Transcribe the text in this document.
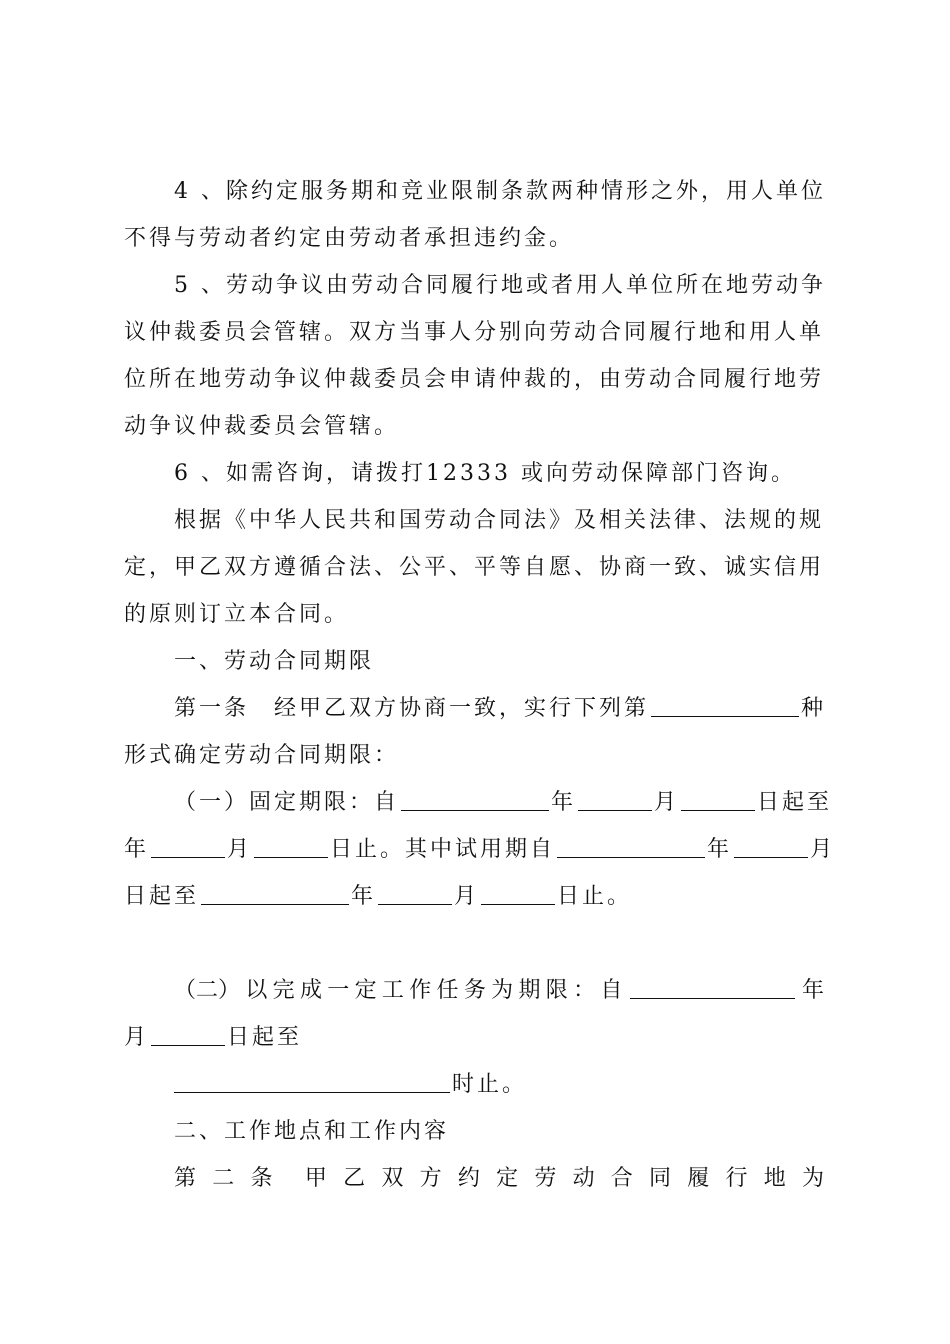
4 、除约定服务期和竞业限制条款两种情形之外，用人单位
不得与劳动者约定由劳动者承担违约金。
5 、劳动争议由劳动合同履行地或者用人单位所在地劳动争
议仲裁委员会管辖。双方当事人分别向劳动合同履行地和用人单
位所在地劳动争议仲裁委员会申请仲裁的，由劳动合同履行地劳
动争议仲裁委员会管辖。
6 、如需咨询，请拨打12333 或向劳动保障部门咨询。
根据《中华人民共和国劳动合同法》及相关法律、法规的规
定，甲乙双方遵循合法、公平、平等自愿、协商一致、诚实信用
的原则订立本合同。
一、劳动合同期限
第一条　经甲乙双方协商一致，实行下列第	种
形式确定劳动合同期限：
（一）固定期限：自	年	月	日起至
年	月	日止。其中试用期自	年	月
日起至	年	月	日止。
（二） 以 完 成 一 定 工 作 任 务 为 期 限 ： 自	年
月	日起至
时止。
二、工作地点和工作内容
第 二 条 甲 乙 双 方 约 定 劳 动 合 同 履 行 地 为
